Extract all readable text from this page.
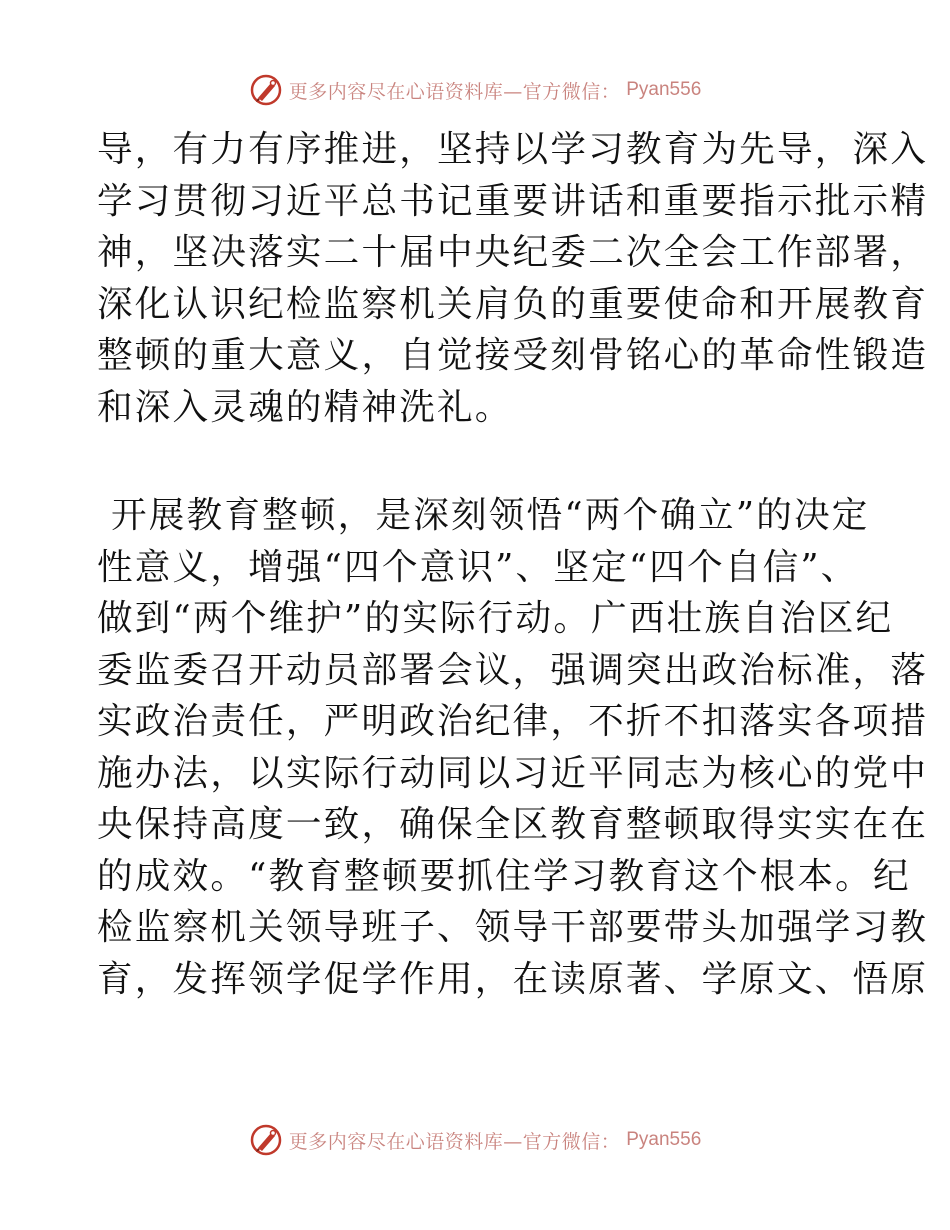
更多内容尽在心语资料库—官方微信： Pyan556

导，有力有序推进，坚持以学习教育为先导，深入
学习贯彻习近平总书记重要讲话和重要指示批示精
神，坚决落实二十届中央纪委二次全会工作部署，
深化认识纪检监察机关肩负的重要使命和开展教育
整顿的重大意义，自觉接受刻骨铭心的革命性锻造
和深入灵魂的精神洗礼。

开展教育整顿，是深刻领悟“两个确立”的决定
性意义，增强“四个意识”、坚定“四个自信”、
做到“两个维护”的实际行动。广西壮族自治区纪
委监委召开动员部署会议，强调突出政治标准，落
实政治责任，严明政治纪律，不折不扣落实各项措
施办法，以实际行动同以习近平同志为核心的党中
央保持高度一致，确保全区教育整顿取得实实在在
的成效。“教育整顿要抓住学习教育这个根本。纪
检监察机关领导班子、领导干部要带头加强学习教
育，发挥领学促学作用，在读原著、学原文、悟原

更多内容尽在心语资料库—官方微信： Pyan556
